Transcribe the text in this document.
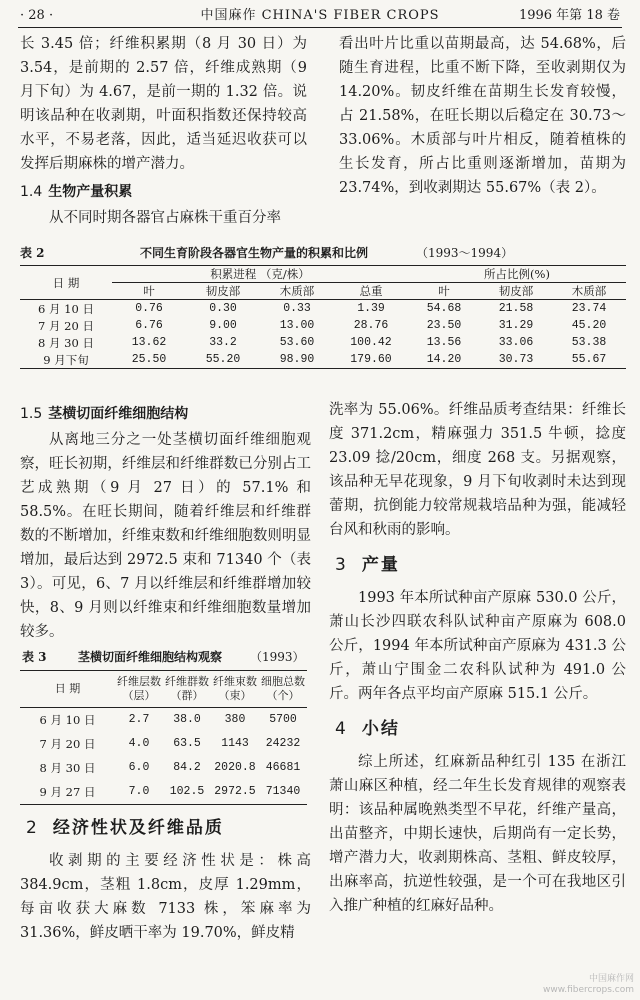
· 28 ·	中国麻作 CHINA'S FIBER CROPS	1996 年第 18 卷

长 3.45 倍；纤维积累期（8 月 30 日）为 3.54，是前期的 2.57 倍，纤维成熟期（9 月下旬）为 4.67，是前一期的 1.32 倍。说明该品种在收剥期，叶面积指数还保持较高水平，不易老落，因此，适当延迟收获可以发挥后期麻株的增产潜力。

1.4 生物产量积累

从不同时期各器官占麻株干重百分率

看出叶片比重以苗期最高，达 54.68%，后随生育进程，比重不断下降，至收剥期仅为 14.20%。韧皮纤维在苗期生长发育较慢，占 21.58%，在旺长期以后稳定在 30.73～33.06%。木质部与叶片相反，随着植株的生长发育，所占比重则逐渐增加，苗期为 23.74%，到收剥期达 55.67%（表 2）。

表 2	不同生育阶段各器官生物产量的积累和比例	（1993～1994）
日 期	积累进程 （克/株）				所占比例(%)		
	叶	韧皮部	木质部	总重	叶	韧皮部	木质部
6 月 10 日	0.76	0.30	0.33	1.39	54.68	21.58	23.74
7 月 20 日	6.76	9.00	13.00	28.76	23.50	31.29	45.20
8 月 30 日	13.62	33.2	53.60	100.42	13.56	33.06	53.38
9 月下旬	25.50	55.20	98.90	179.60	14.20	30.73	55.67
1.5 茎横切面纤维细胞结构

从离地三分之一处茎横切面纤维细胞观察，旺长初期，纤维层和纤维群数已分别占工艺成熟期（9 月 27 日）的 57.1% 和 58.5%。在旺长期间，随着纤维层和纤维群数的不断增加，纤维束数和纤维细胞数则明显增加，最后达到 2972.5 束和 71340 个（表 3）。可见，6、7 月以纤维层和纤维群增加较快，8、9 月则以纤维束和纤维细胞数量增加较多。

表 3	茎横切面纤维细胞结构观察 （1993）
日 期	纤维层数（层）	纤维群数（群）	纤维束数（束）	细胞总数（个）
6 月 10 日	2.7	38.0	380	5700
7 月 20 日	4.0	63.5	1143	24232
8 月 30 日	6.0	84.2	2020.8	46681
9 月 27 日	7.0	102.5	2972.5	71340
2 经济性状及纤维品质

收剥期的主要经济性状是：株高 384.9cm，茎粗 1.8cm，皮厚 1.29mm，每亩收获大麻数 7133 株，笨麻率为 31.36%，鲜皮晒干率为 19.70%，鲜皮精

洗率为 55.06%。纤维品质考查结果：纤维长度 371.2cm，精麻强力 351.5 牛顿，捻度 23.09 捻/20cm，细度 268 支。另据观察，该品种无早花现象，9 月下旬收剥时未达到现蕾期，抗倒能力较常规栽培品种为强，能减轻台风和秋雨的影响。

3 产量

1993 年本所试种亩产原麻 530.0 公斤，萧山长沙四联农科队试种亩产原麻为 608.0 公斤，1994 年本所试种亩产原麻为 431.3 公斤，萧山宁围金二农科队试种为 491.0 公斤。两年各点平均亩产原麻 515.1 公斤。

4 小结

综上所述，红麻新品种红引 135 在浙江萧山麻区种植，经二年生长发育规律的观察表明：该品种属晚熟类型不早花，纤维产量高，出苗整齐，中期长速快，后期尚有一定长势，增产潜力大，收剥期株高、茎粗、鲜皮较厚，出麻率高，抗逆性较强，是一个可在我地区引入推广种植的红麻好品种。

中国麻作网
www.fibercrops.com
